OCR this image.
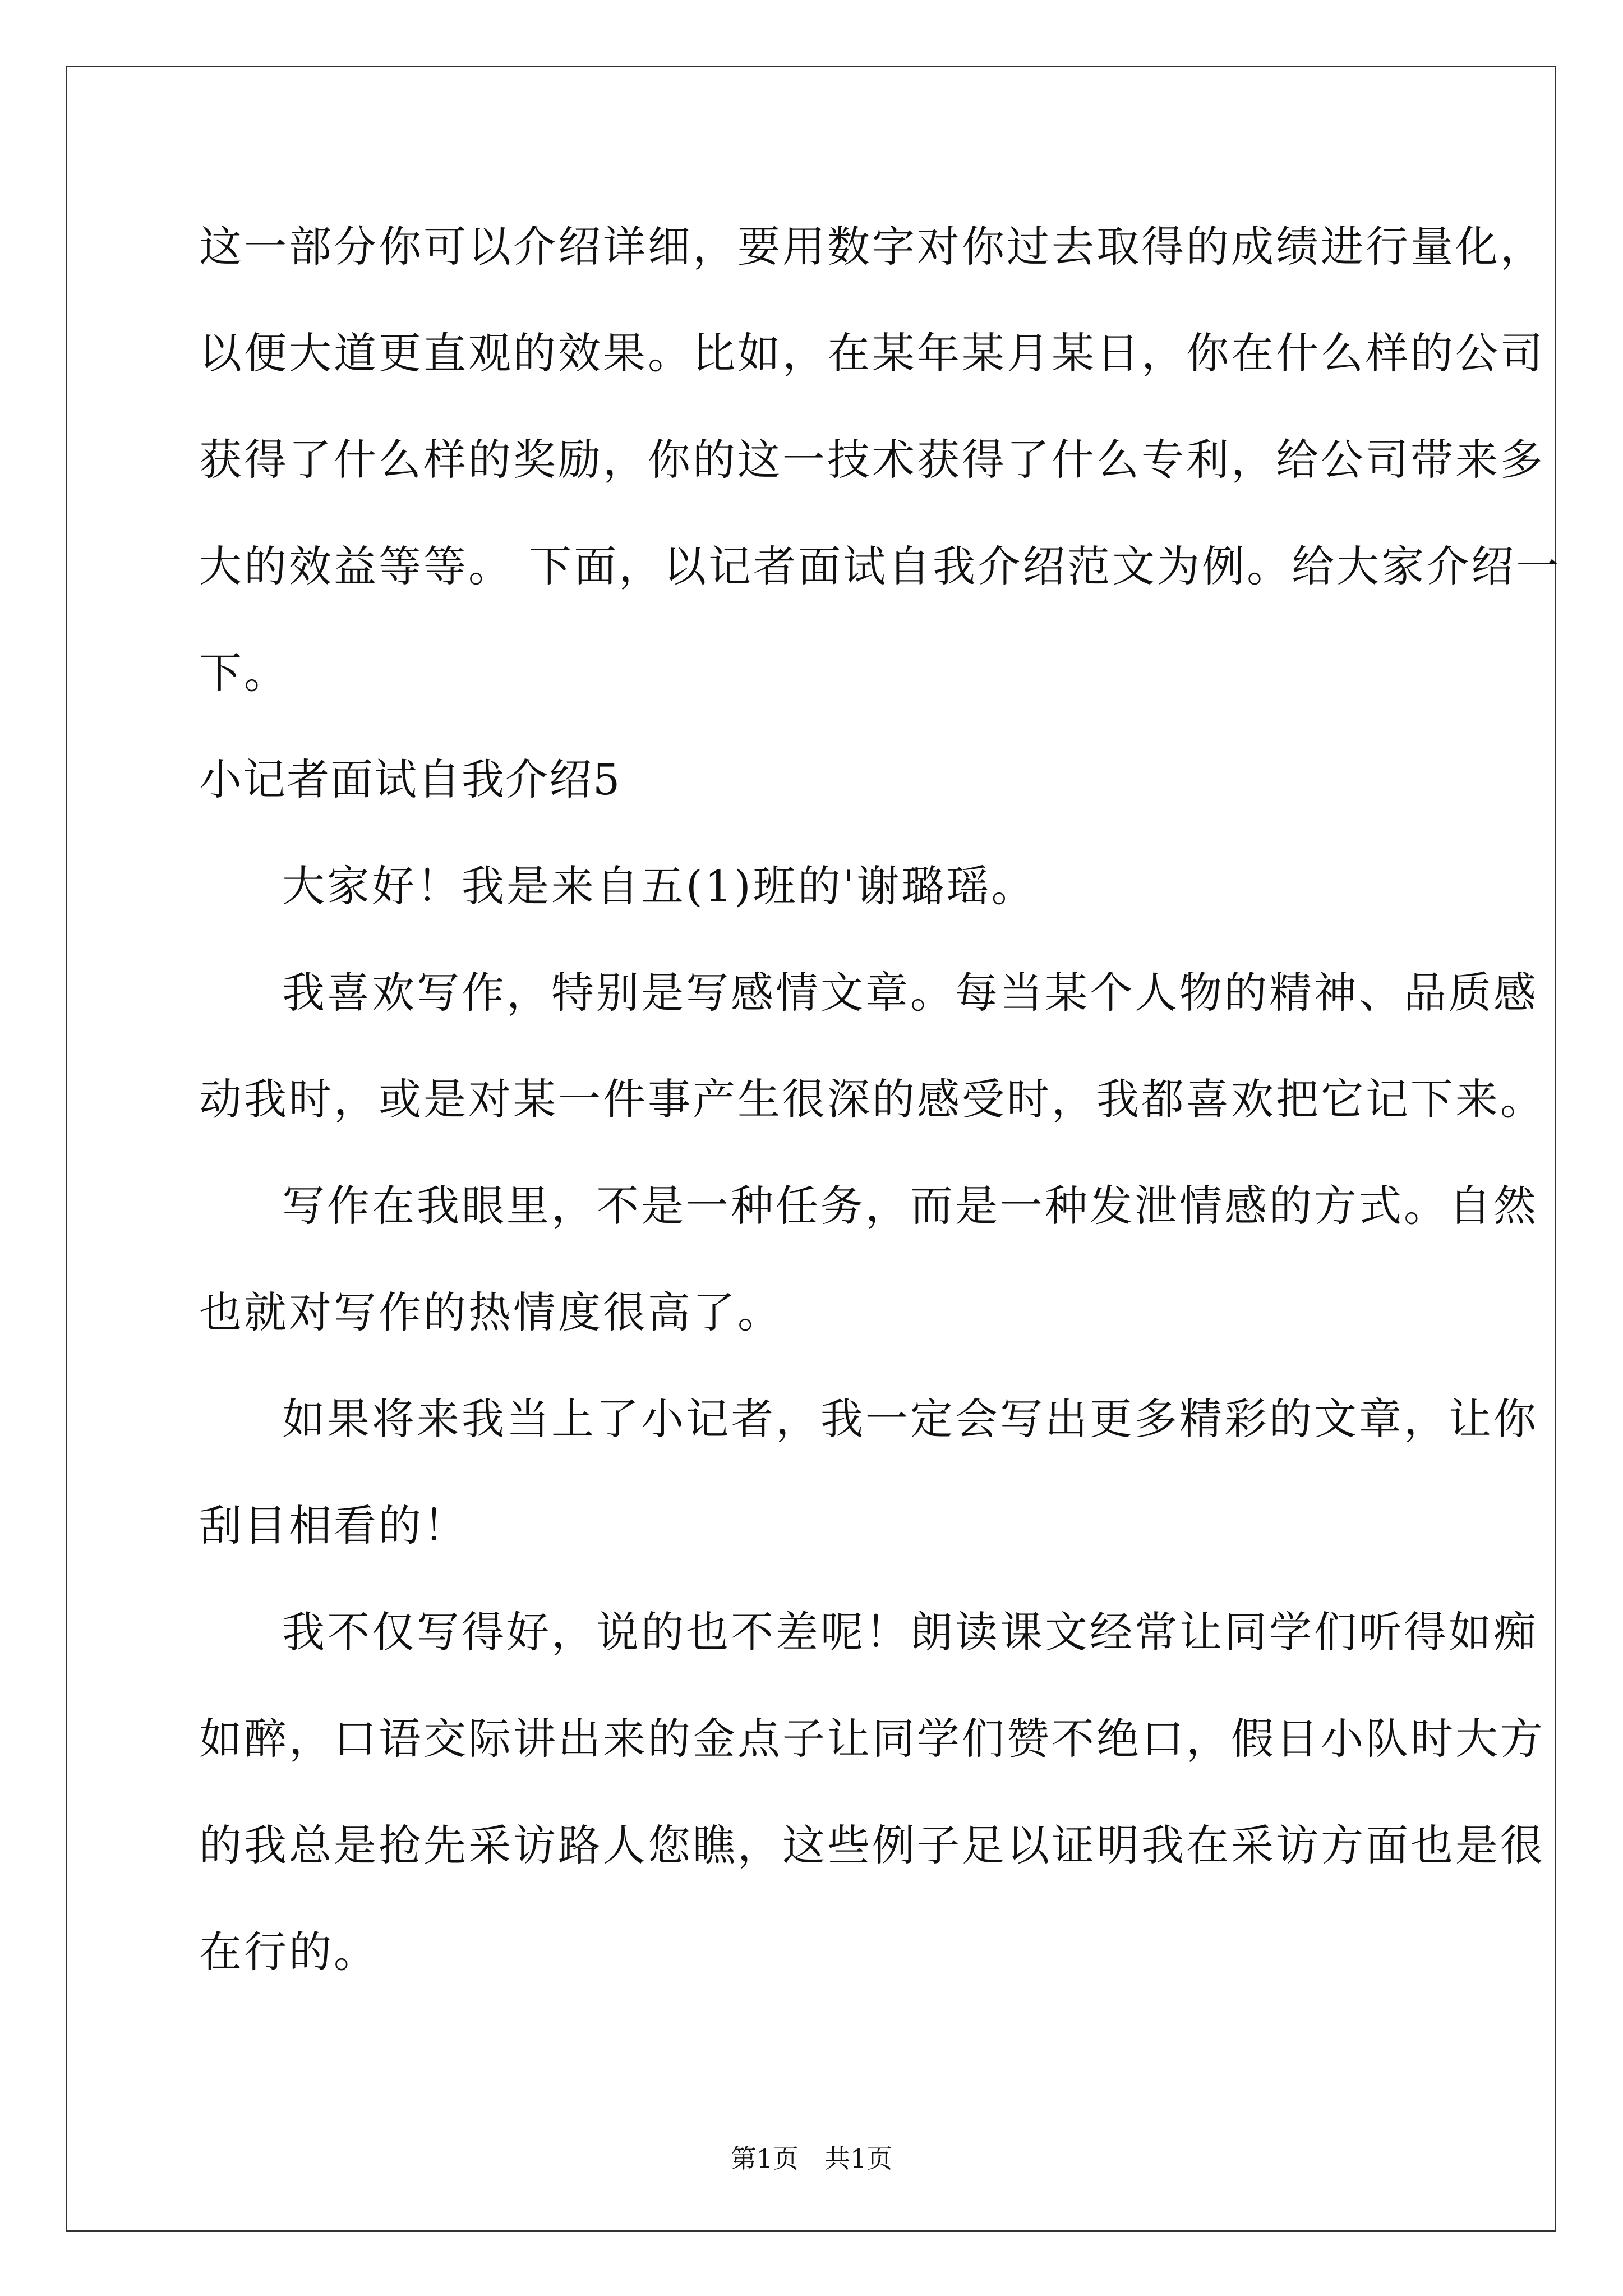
这一部分你可以介绍详细，要用数字对你过去取得的成绩进行量化，
以便大道更直观的效果。比如，在某年某月某日，你在什么样的公司
获得了什么样的奖励，你的这一技术获得了什么专利，给公司带来多
大的效益等等。 下面，以记者面试自我介绍范文为例。给大家介绍一
下。
小记者面试自我介绍5
大家好！我是来自五(1)班的'谢璐瑶。
我喜欢写作，特别是写感情文章。每当某个人物的精神、品质感
动我时，或是对某一件事产生很深的感受时，我都喜欢把它记下来。
写作在我眼里，不是一种任务，而是一种发泄情感的方式。自然
也就对写作的热情度很高了。
如果将来我当上了小记者，我一定会写出更多精彩的文章，让你
刮目相看的！
我不仅写得好，说的也不差呢！朗读课文经常让同学们听得如痴
如醉，口语交际讲出来的金点子让同学们赞不绝口，假日小队时大方
的我总是抢先采访路人您瞧，这些例子足以证明我在采访方面也是很
在行的。
第1页　共1页
